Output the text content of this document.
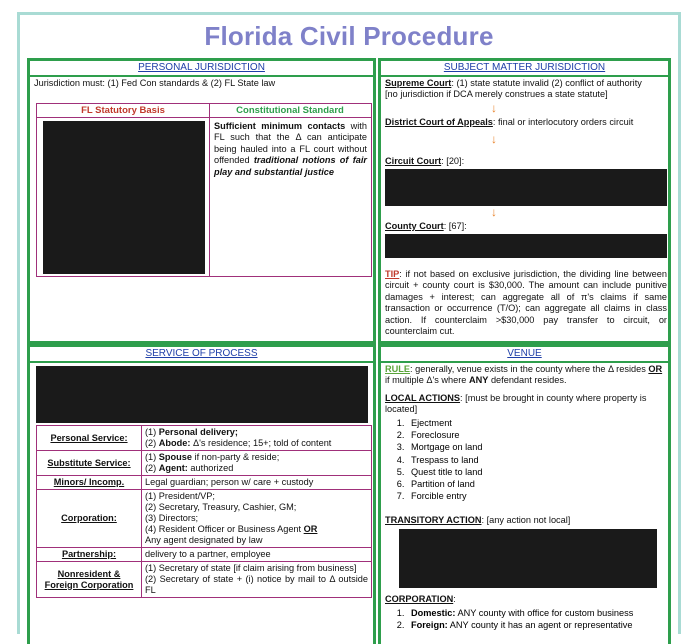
Florida Civil Procedure
PERSONAL JURISDICTION
Jurisdiction must: (1) Fed Con standards & (2) FL State law
FL Statutory Basis	Constitutional Standard
Sufficient minimum contacts with FL such that the Δ can anticipate being hauled into a FL court without offended traditional notions of fair play and substantial justice
SUBJECT MATTER JURISDICTION
Supreme Court: (1) state statute invalid (2) conflict of authority
[no jurisdiction if DCA merely construes a state statute]
↓
District Court of Appeals: final or interlocutory orders circuit
↓
Circuit Court: [20]:
↓
County Court: [67]:
TIP: if not based on exclusive jurisdiction, the dividing line between circuit + county court is $30,000. The amount can include punitive damages + interest; can aggregate all of π's claims if same transaction or occurrence (T/O); can aggregate all claims in class action. If counterclaim >$30,000 pay transfer to circuit, or counterclaim cut.
SERVICE OF PROCESS
Personal Service:	(1) Personal delivery;
(2) Abode: Δ's residence; 15+; told of content
Substitute Service:	(1) Spouse if non-party & reside;
(2) Agent: authorized
Minors/ Incomp.	Legal guardian; person w/ care + custody
Corporation:	(1) President/VP;
(2) Secretary, Treasury, Cashier, GM;
(3) Directors;
(4) Resident Officer or Business Agent OR
Any agent designated by law
Partnership:	delivery to a partner, employee
Nonresident & Foreign Corporation	(1) Secretary of state [if claim arising from business]
(2) Secretary of state + (i) notice by mail to Δ outside FL
VENUE
RULE: generally, venue exists in the county where the Δ resides OR if multiple Δ's where ANY defendant resides.
LOCAL ACTIONS: [must be brought in county where property is located]
1. Ejectment
2. Foreclosure
3. Mortgage on land
4. Trespass to land
5. Quest title to land
6. Partition of land
7. Forcible entry
TRANSITORY ACTION: [any action not local]
CORPORATION:
1. Domestic: ANY county with office for custom business
2. Foreign: ANY county it has an agent or representative
